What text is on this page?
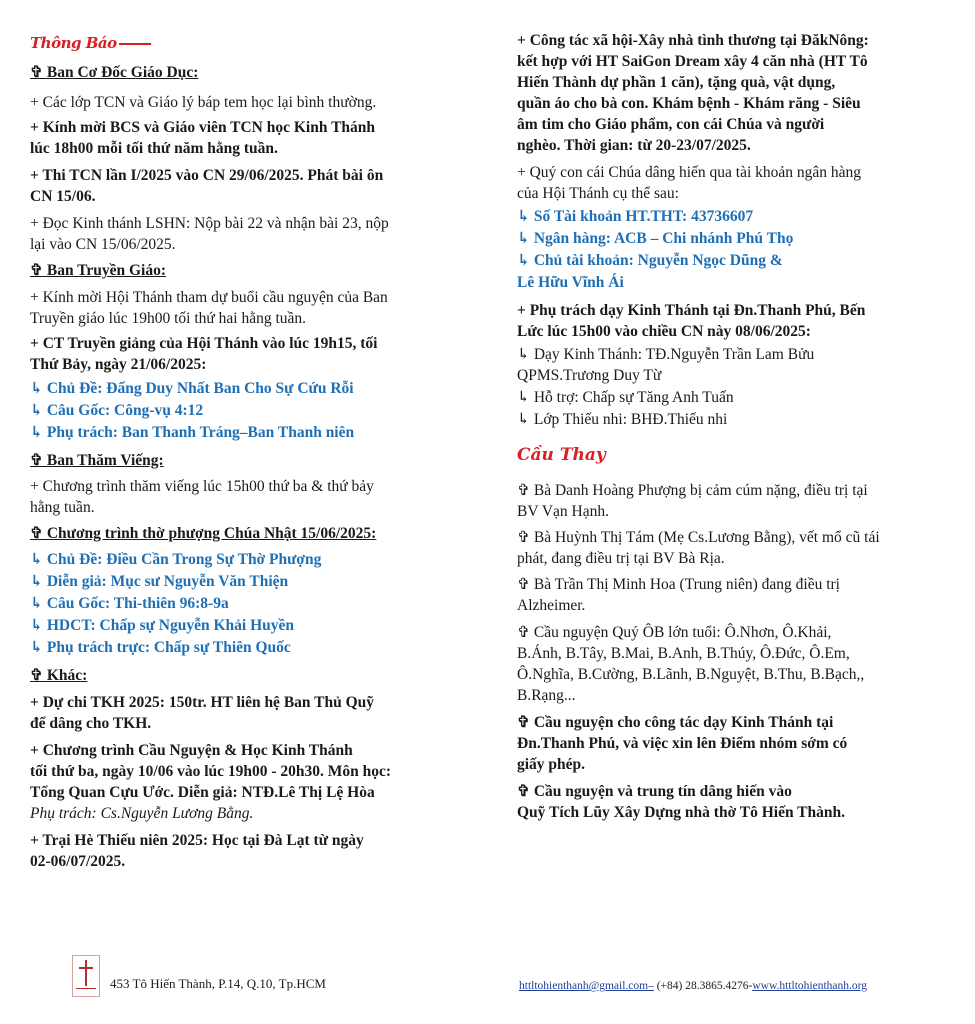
Thông Báo
✞ Ban Cơ Đốc Giáo Dục:
+ Các lớp TCN và Giáo lý báp tem học lại bình thường.
+ Kính mời BCS và Giáo viên TCN học Kinh Thánh
lúc 18h00 mỗi tối thứ năm hằng tuần.
+ Thi TCN lần I/2025 vào CN 29/06/2025. Phát bài ôn
CN 15/06.
+ Đọc Kinh thánh LSHN: Nộp bài 22 và nhận bài 23, nộp
lại vào CN 15/06/2025.
✞ Ban Truyền Giáo:
+ Kính mời Hội Thánh tham dự buổi cầu nguyện của Ban
Truyền giáo lúc 19h00 tối thứ hai hằng tuần.
+ CT Truyền giảng của Hội Thánh vào lúc 19h15, tối
Thứ Bảy, ngày 21/06/2025:
↳ Chủ Đề: Đấng Duy Nhất Ban Cho Sự Cứu Rỗi
↳ Câu Gốc: Công-vụ 4:12
↳ Phụ trách: Ban Thanh Tráng–Ban Thanh niên
✞ Ban Thăm Viếng:
+ Chương trình thăm viếng lúc 15h00 thứ ba & thứ bảy
hằng tuần.
✞ Chương trình thờ phượng Chúa Nhật 15/06/2025:
↳ Chủ Đề: Điều Cần Trong Sự Thờ Phượng
↳ Diễn giả: Mục sư Nguyễn Văn Thiện
↳ Câu Gốc: Thi-thiên 96:8-9a
↳ HDCT: Chấp sự Nguyễn Khải Huyền
↳ Phụ trách trực: Chấp sự Thiên Quốc
✞ Khác:
+ Dự chi TKH 2025: 150tr. HT liên hệ Ban Thủ Quỹ
để dâng cho TKH.
+ Chương trình Cầu Nguyện & Học Kinh Thánh
tối thứ ba, ngày 10/06 vào lúc 19h00 - 20h30. Môn học:
Tổng Quan Cựu Ước. Diễn giả: NTĐ.Lê Thị Lệ Hòa
Phụ trách: Cs.Nguyễn Lương Bằng.
+ Trại Hè Thiếu niên 2025: Học tại Đà Lạt từ ngày
02-06/07/2025.
+ Công tác xã hội-Xây nhà tình thương tại ĐăkNông:
kết hợp với HT SaiGon Dream xây 4 căn nhà (HT Tô
Hiến Thành dự phần 1 căn), tặng quà, vật dụng,
quần áo cho bà con. Khám bệnh - Khám răng - Siêu
âm tim cho Giáo phẩm, con cái Chúa và người
nghèo. Thời gian: từ 20-23/07/2025.
+ Quý con cái Chúa dâng hiến qua tài khoản ngân hàng
của Hội Thánh cụ thể sau:
↳ Số Tài khoản HT.THT: 43736607
↳ Ngân hàng: ACB – Chi nhánh Phú Thọ
↳ Chủ tài khoản: Nguyễn Ngọc Dũng &
Lê Hữu Vĩnh Ái
+ Phụ trách dạy Kinh Thánh tại Đn.Thanh Phú, Bến
Lức lúc 15h00 vào chiều CN này 08/06/2025:
↳ Dạy Kinh Thánh: TĐ.Nguyễn Trần Lam Bửu
QPMS.Trương Duy Từ
↳ Hỗ trợ: Chấp sự Tăng Anh Tuấn
↳ Lớp Thiếu nhi: BHĐ.Thiếu nhi
✞ Bà Danh Hoàng Phượng bị cảm cúm nặng, điều trị tại
BV Vạn Hạnh.
✞ Bà Huỳnh Thị Tám (Mẹ Cs.Lương Bằng), vết mổ cũ tái
phát, đang điều trị tại BV Bà Rịa.
✞ Bà Trần Thị Minh Hoa (Trung niên) đang điều trị
Alzheimer.
✞ Cầu nguyện Quý ÔB lớn tuổi: Ô.Nhơn, Ô.Khải,
B.Ánh, B.Tây, B.Mai, B.Anh, B.Thúy, Ô.Đức, Ô.Em,
Ô.Nghĩa, B.Cường, B.Lãnh, B.Nguyệt, B.Thu, B.Bạch,,
B.Rạng...
✞ Cầu nguyện cho công tác dạy Kinh Thánh tại
Đn.Thanh Phú, và việc xin lên Điểm nhóm sớm có
giấy phép.
✞ Cầu nguyện và trung tín dâng hiến vào
Quỹ Tích Lũy Xây Dựng nhà thờ Tô Hiến Thành.
Cầu Thay
453 Tô Hiến Thành, P.14, Q.10, Tp.HCM	httltohienthanh@gmail.com– (+84) 28.3865.4276-www.httltohienthanh.org
